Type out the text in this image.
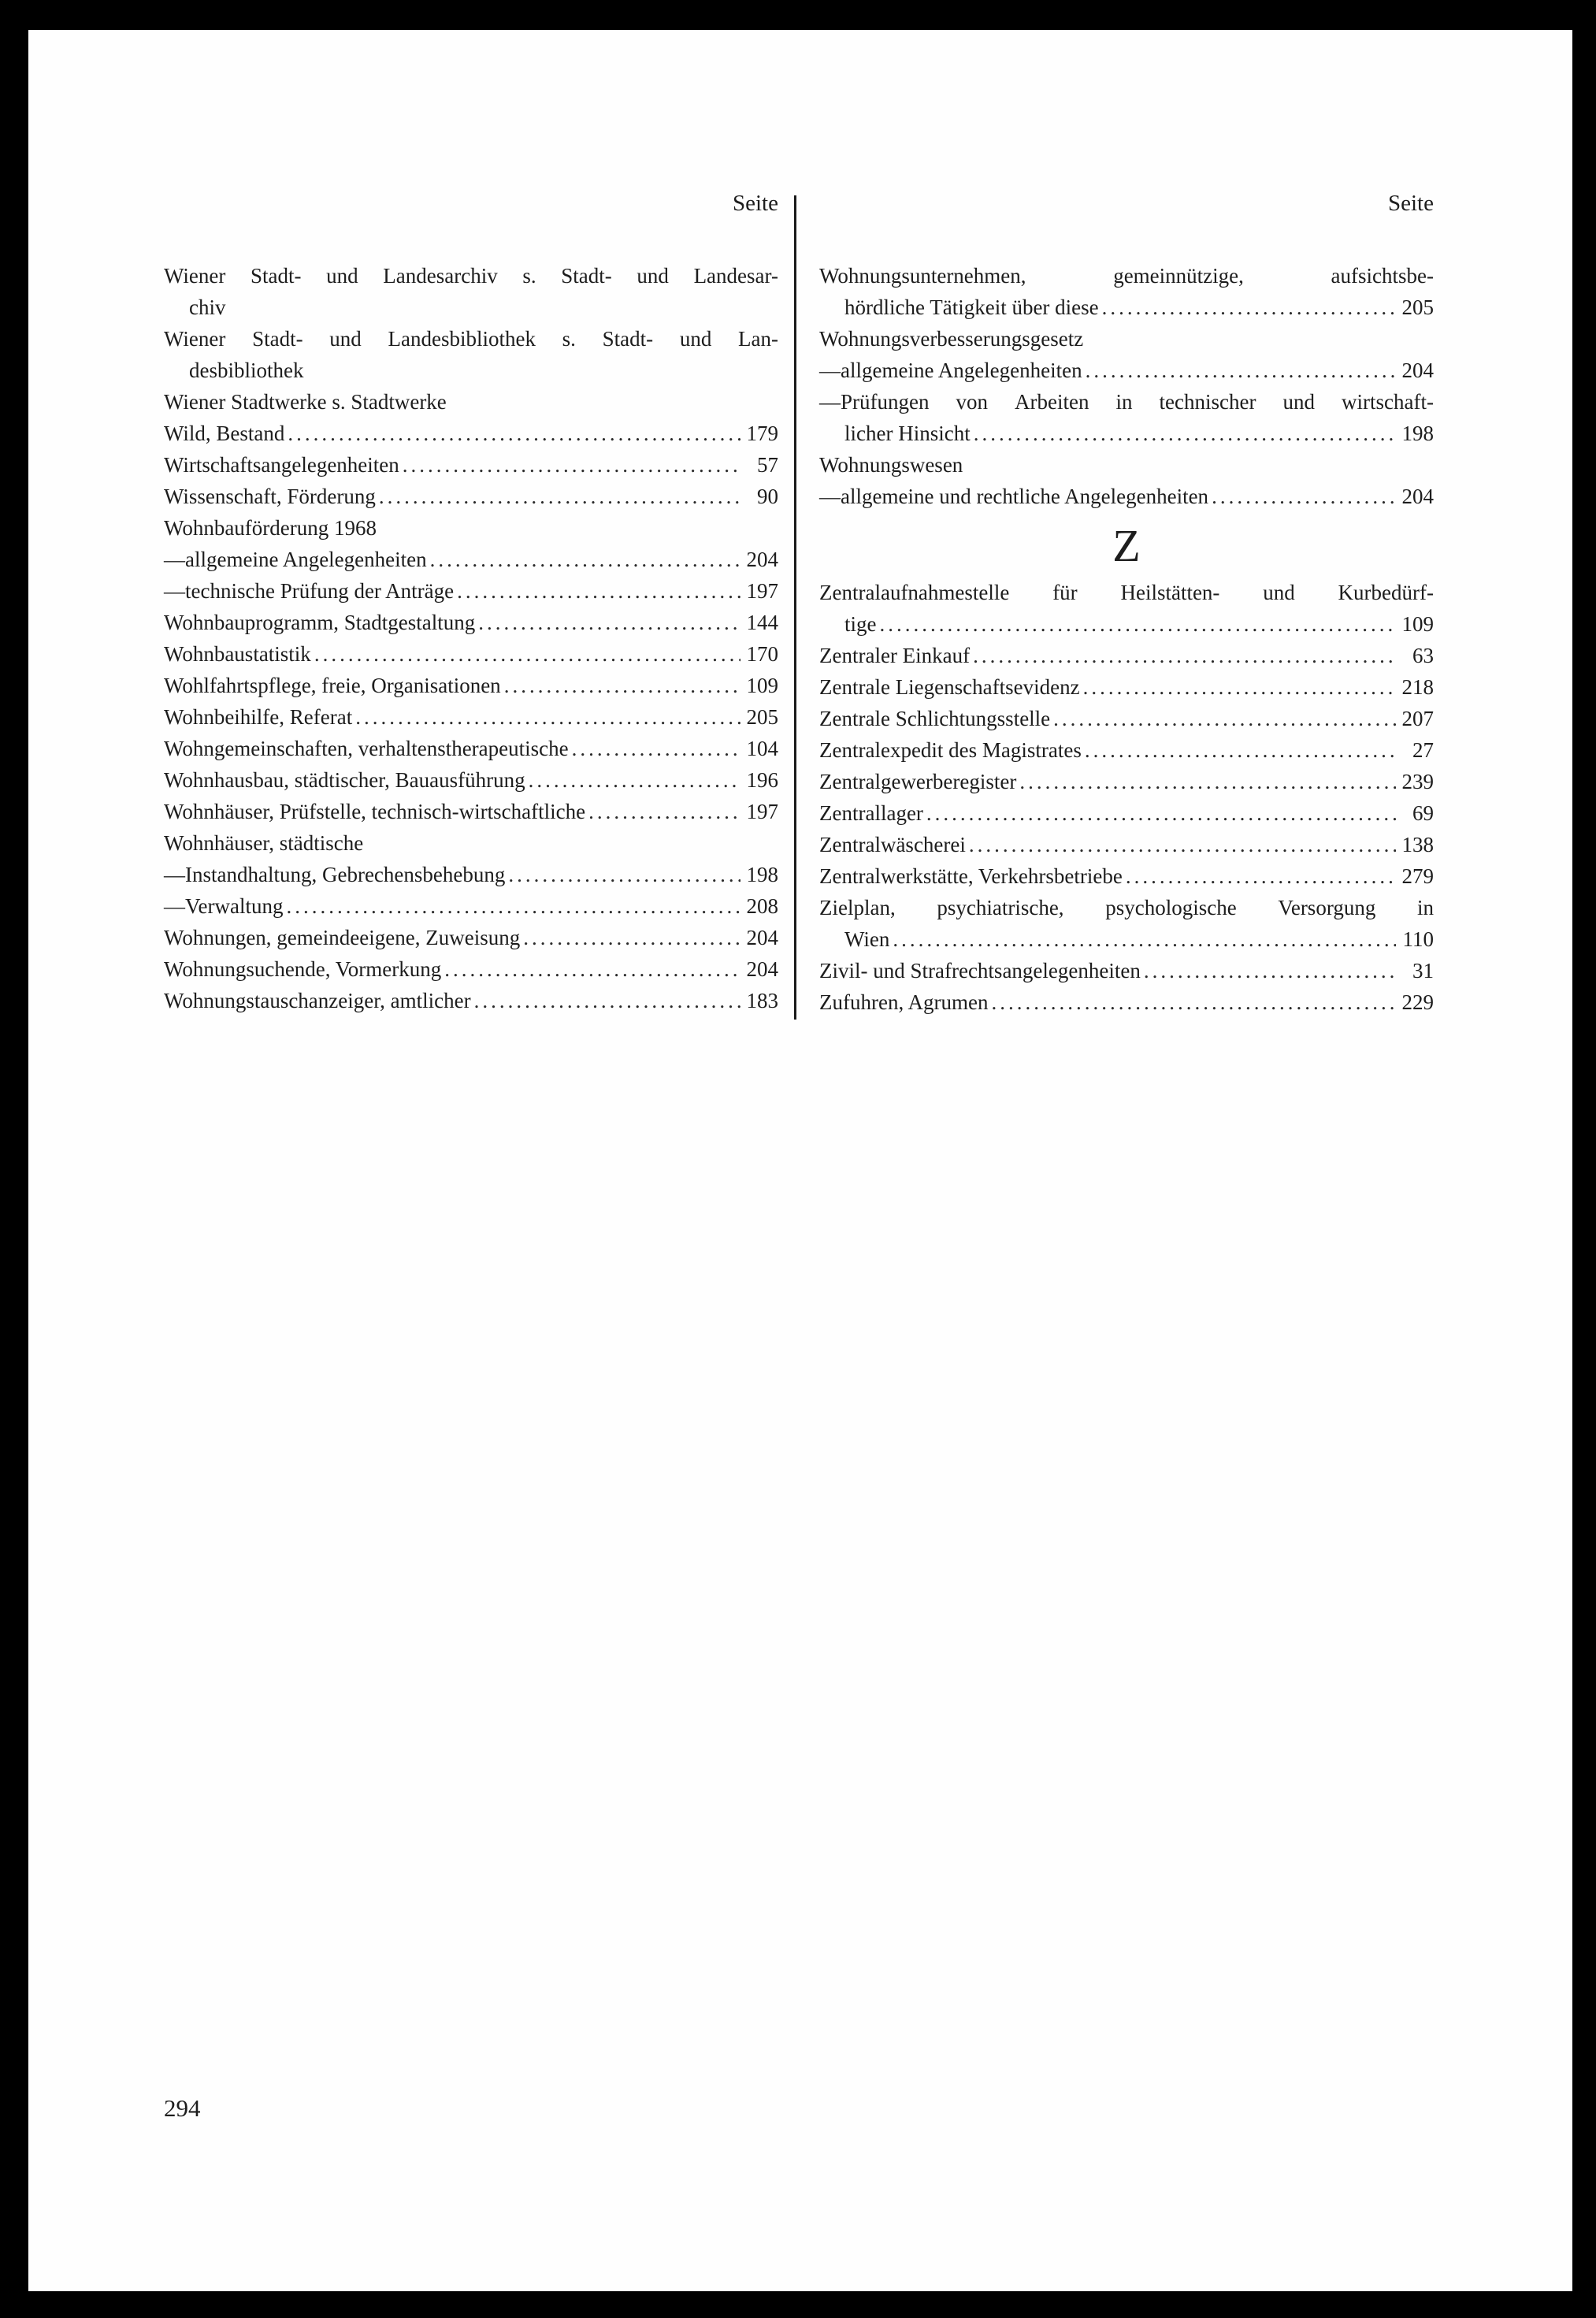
Seite
Wiener Stadt- und Landesarchiv s. Stadt- und Landesar-
chiv
Wiener Stadt- und Landesbibliothek s. Stadt- und Lan-
desbibliothek
Wiener Stadtwerke s. Stadtwerke
Wild, Bestand .....	179
Wirtschaftsangelegenheiten .....	57
Wissenschaft, Förderung .....	90
Wohnbauförderung 1968
—allgemeine Angelegenheiten .....	204
—technische Prüfung der Anträge .....	197
Wohnbauprogramm, Stadtgestaltung .....	144
Wohnbaustatistik .....	170
Wohlfahrtspflege, freie, Organisationen .....	109
Wohnbeihilfe, Referat .....	205
Wohngemeinschaften, verhaltenstherapeutische .....	104
Wohnhausbau, städtischer, Bauausführung .....	196
Wohnhäuser, Prüfstelle, technisch-wirtschaftliche .....	197
Wohnhäuser, städtische
—Instandhaltung, Gebrechensbehebung .....	198
—Verwaltung .....	208
Wohnungen, gemeindeeigene, Zuweisung .....	204
Wohnungsuchende, Vormerkung .....	204
Wohnungstauschanzeiger, amtlicher .....	183
Seite
Wohnungsunternehmen,	gemeinnützige,	aufsichtsbe-
hördliche Tätigkeit über diese .....	205
Wohnungsverbesserungsgesetz
—allgemeine Angelegenheiten .....	204
—Prüfungen von Arbeiten in technischer und wirtschaft-
licher Hinsicht .....	198
Wohnungswesen
—allgemeine und rechtliche Angelegenheiten .....	204
Z
Zentralaufnahmestelle für Heilstätten- und Kurbedürf-
tige .....	109
Zentraler Einkauf .....	63
Zentrale Liegenschaftsevidenz .....	218
Zentrale Schlichtungsstelle .....	207
Zentralexpedit des Magistrates .....	27
Zentralgewerberegister .....	239
Zentrallager .....	69
Zentralwäscherei .....	138
Zentralwerkstätte, Verkehrsbetriebe .....	279
Zielplan, psychiatrische, psychologische Versorgung in
Wien .....	110
Zivil- und Strafrechtsangelegenheiten .....	31
Zufuhren, Agrumen .....	229
294
